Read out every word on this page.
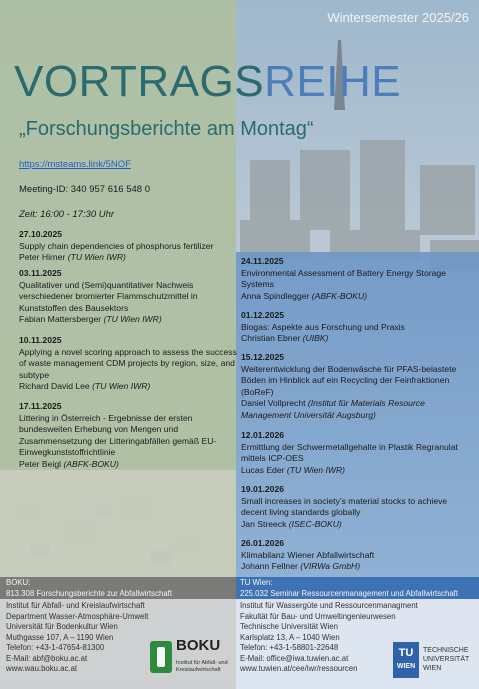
Wintersemester 2025/26
VORTRAGSREIHE
„Forschungsberichte am Montag“
https://msteams.link/5NOF
Meeting-ID: 340 957 616 548 0
Zeit: 16:00 - 17:30 Uhr
27.10.2025
Supply chain dependencies of phosphorus fertilizer
Peter Hirner (TU Wien IWR)
03.11.2025
Qualitativer und (Semi)quantitativer Nachweis verschiedener bromierter Flammschutzmittel in Kunststoffen des Bausektors
Fabian Mattersberger (TU Wien IWR)
10.11.2025
Applying a novel scoring approach to assess the success of waste management CDM projects by region, size, and subtype
Richard David Lee (TU Wien IWR)
17.11.2025
Littering in Österreich - Ergebnisse der ersten bundesweiten Erhebung von Mengen und Zusammensetzung der Litteringabfällen gemäß EU-Einwegkunststoffrichtlinie
Peter Beigl (ABFK-BOKU)
24.11.2025
Environmental Assessment of Battery Energy Storage Systems
Anna Spindlegger (ABFK-BOKU)
01.12.2025
Biogas: Aspekte aus Forschung und Praxis
Christian Ebner (UIBK)
15.12.2025
Weiterentwicklung der Bodenwäsche für PFAS-belastete Böden im Hinblick auf ein Recycling der Feinfraktionen (BoReF)
Daniel Vollprecht (Institut für Materials Resource Management Universität Augsburg)
12.01.2026
Ermittlung der Schwermetallgehalte in Plastik Regranulat mittels ICP-OES
Lucas Eder (TU Wien IWR)
19.01.2026
Small increases in society’s material stocks to achieve decent living standards globally
Jan Streeck (ISEC-BOKU)
26.01.2026
Klimabilanz Wiener Abfallwirtschaft
Johann Fellner (VIRWa GmbH)
BOKU:
813.308 Forschungsberichte zur Abfallwirtschaft
Institut für Abfall- und Kreislaufwirtschaft
Department Wasser-Atmosphäre-Umwelt
Universität für Bodenkultur Wien
Muthgasse 107, A – 1190 Wien
Telefon: +43-1-47654-81300
E-Mail: abf@boku.ac.at
www.wau.boku.ac.at
BOKU
Institut für Abfall- und Kreislaufwirtschaft
TU Wien:
225.032 Seminar Ressourcenmanagement und Abfallwirtschaft
Institut für Wassergüte und Ressourcenmanagment
Fakultät für Bau- und Umweltingenieurwesen
Technische Universität Wien
Karlsplatz 13, A – 1040 Wien
Telefon: +43-1-58801-22648
E-Mail: office@iwa.tuwien.ac.at
www.tuwien.at/cee/iwr/ressourcen
TU
WIEN
TECHNISCHE UNIVERSITÄT WIEN
